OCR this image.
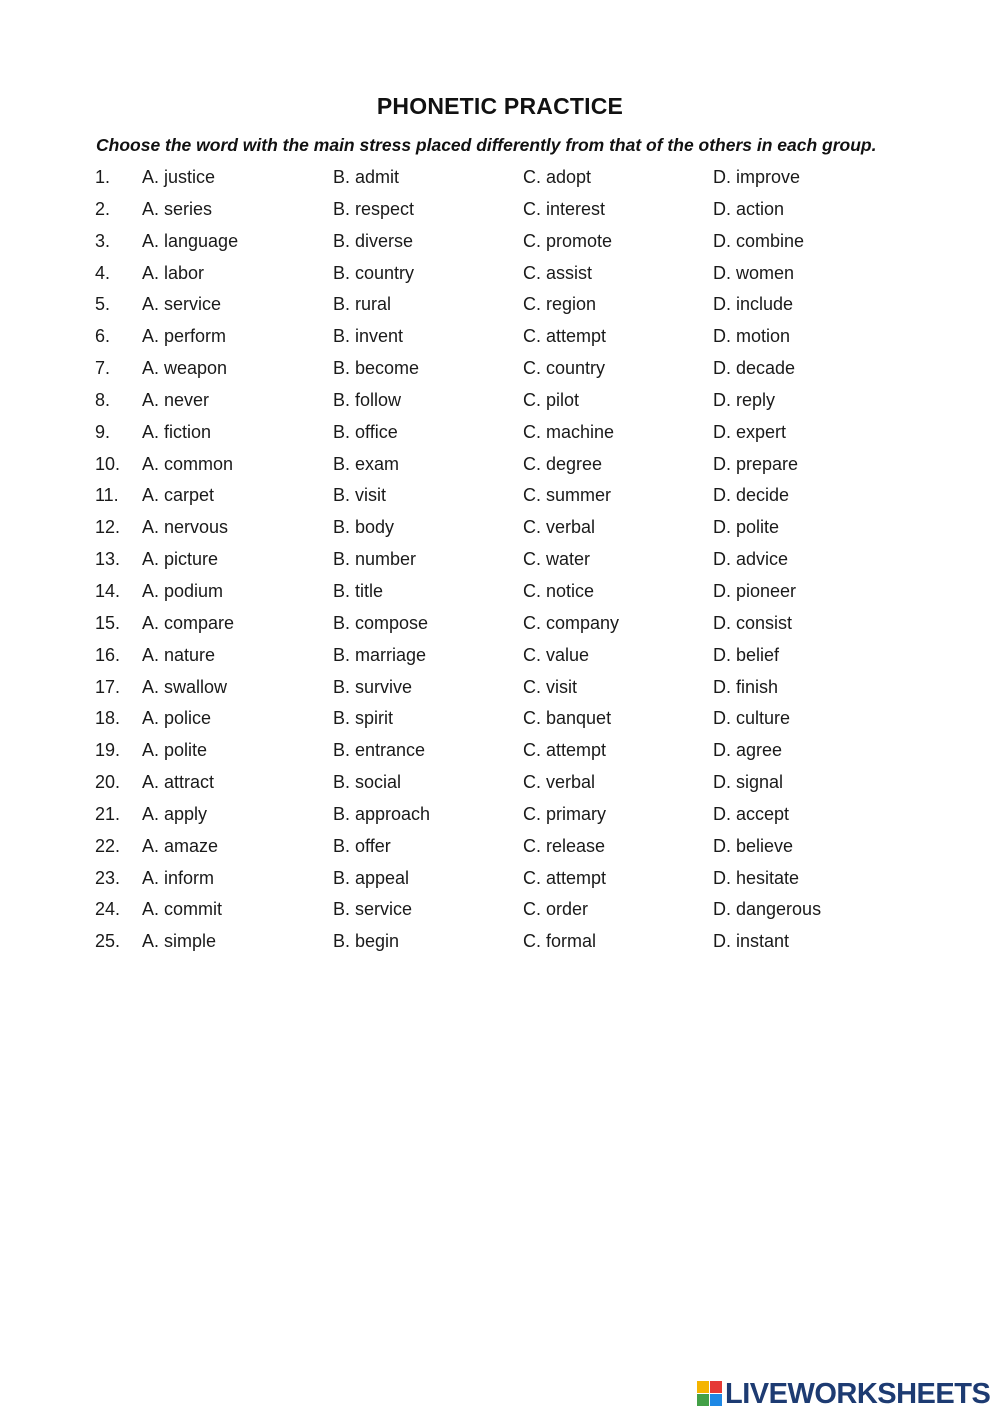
PHONETIC PRACTICE
Choose the word with the main stress placed differently from that of the others in each group.
1. A. justice	B. admit	C. adopt	D. improve
2. A. series	B. respect	C. interest	D. action
3. A. language	B. diverse	C. promote	D. combine
4. A. labor	B. country	C. assist	D. women
5. A. service	B. rural	C. region	D. include
6. A. perform	B. invent	C. attempt	D. motion
7. A. weapon	B. become	C. country	D. decade
8. A. never	B. follow	C. pilot	D. reply
9. A. fiction	B. office	C. machine	D. expert
10. A. common	B. exam	C. degree	D. prepare
11. A. carpet	B. visit	C. summer	D. decide
12. A. nervous	B. body	C. verbal	D. polite
13. A. picture	B. number	C. water	D. advice
14. A. podium	B. title	C. notice	D. pioneer
15. A. compare	B. compose	C. company	D. consist
16. A. nature	B. marriage	C. value	D. belief
17. A. swallow	B. survive	C. visit	D. finish
18. A. police	B. spirit	C. banquet	D. culture
19. A. polite	B. entrance	C. attempt	D. agree
20. A. attract	B. social	C. verbal	D. signal
21. A. apply	B. approach	C. primary	D. accept
22. A. amaze	B. offer	C. release	D. believe
23. A. inform	B. appeal	C. attempt	D. hesitate
24. A. commit	B. service	C. order	D. dangerous
25. A. simple	B. begin	C. formal	D. instant
LIVEWORKSHEETS
